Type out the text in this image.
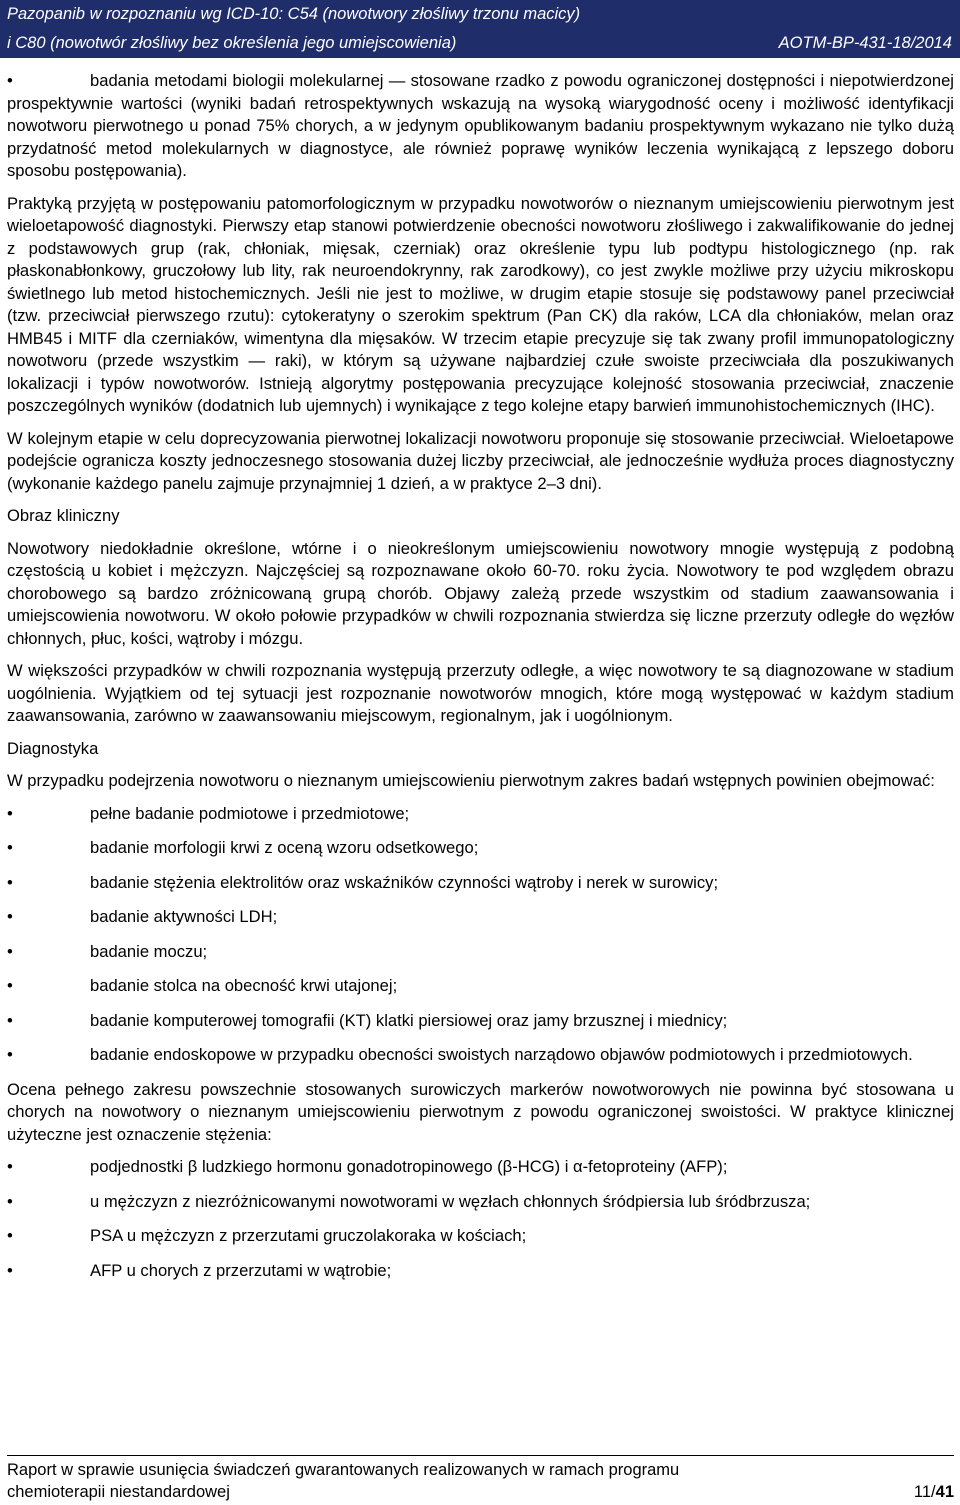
Pazopanib w rozpoznaniu wg ICD-10: C54 (nowotwory złośliwy trzonu macicy)
i C80 (nowotwór złośliwy bez określenia jego umiejscowienia)	AOTM-BP-431-18/2014
•	badania metodami biologii molekularnej — stosowane rzadko z powodu ograniczonej dostępności i niepotwierdzonej prospektywnie wartości (wyniki badań retrospektywnych wskazują na wysoką wiarygodność oceny i możliwość identyfikacji nowotworu pierwotnego u ponad 75% chorych, a w jedynym opublikowanym badaniu prospektywnym wykazano nie tylko dużą przydatność metod molekularnych w diagnostyce, ale również poprawę wyników leczenia wynikającą z lepszego doboru sposobu postępowania).

Praktyką przyjętą w postępowaniu patomorfologicznym w przypadku nowotworów o nieznanym umiejscowieniu pierwotnym jest wieloetapowość diagnostyki. Pierwszy etap stanowi potwierdzenie obecności nowotworu złośliwego i zakwalifikowanie do jednej z podstawowych grup (rak, chłoniak, mięsak, czerniak) oraz określenie typu lub podtypu histologicznego (np. rak płaskonabłonkowy, gruczołowy lub lity, rak neuroendokrynny, rak zarodkowy), co jest zwykle możliwe przy użyciu mikroskopu świetlnego lub metod histochemicznych. Jeśli nie jest to możliwe, w drugim etapie stosuje się podstawowy panel przeciwciał (tzw. przeciwciał pierwszego rzutu): cytokeratyny o szerokim spektrum (Pan CK) dla raków, LCA dla chłoniaków, melan oraz HMB45 i MITF dla czerniaków, wimentyna dla mięsaków. W trzecim etapie precyzuje się tak zwany profil immunopatologiczny nowotworu (przede wszystkim — raki), w którym są używane najbardziej czułe swoiste przeciwciała dla poszukiwanych lokalizacji i typów nowotworów. Istnieją algorytmy postępowania precyzujące kolejność stosowania przeciwciał, znaczenie poszczególnych wyników (dodatnich lub ujemnych) i wynikające z tego kolejne etapy barwień immunohistochemicznych (IHC).

W kolejnym etapie w celu doprecyzowania pierwotnej lokalizacji nowotworu proponuje się stosowanie przeciwciał. Wieloetapowe podejście ogranicza koszty jednoczesnego stosowania dużej liczby przeciwciał, ale jednocześnie wydłuża proces diagnostyczny (wykonanie każdego panelu zajmuje przynajmniej 1 dzień, a w praktyce 2–3 dni).

Obraz kliniczny

Nowotwory niedokładnie określone, wtórne i o nieokreślonym umiejscowieniu nowotwory mnogie występują z podobną częstością u kobiet i mężczyzn. Najczęściej są rozpoznawane około 60-70. roku życia. Nowotwory te pod względem obrazu chorobowego są bardzo zróżnicowaną grupą chorób. Objawy zależą przede wszystkim od stadium zaawansowania i umiejscowienia nowotworu. W około połowie przypadków w chwili rozpoznania stwierdza się liczne przerzuty odległe do węzłów chłonnych, płuc, kości, wątroby i mózgu.

W większości przypadków w chwili rozpoznania występują przerzuty odległe, a więc nowotwory te są diagnozowane w stadium uogólnienia. Wyjątkiem od tej sytuacji jest rozpoznanie nowotworów mnogich, które mogą występować w każdym stadium zaawansowania, zarówno w zaawansowaniu miejscowym, regionalnym, jak i uogólnionym.

Diagnostyka

W przypadku podejrzenia nowotworu o nieznanym umiejscowieniu pierwotnym zakres badań wstępnych powinien obejmować:

•	pełne badanie podmiotowe i przedmiotowe;
•	badanie morfologii krwi z oceną wzoru odsetkowego;
•	badanie stężenia elektrolitów oraz wskaźników czynności wątroby i nerek w surowicy;
•	badanie aktywności LDH;
•	badanie moczu;
•	badanie stolca na obecność krwi utajonej;
•	badanie komputerowej tomografii (KT) klatki piersiowej oraz jamy brzusznej i miednicy;
•	badanie endoskopowe w przypadku obecności swoistych narządowo objawów podmiotowych i przedmiotowych.

Ocena pełnego zakresu powszechnie stosowanych surowiczych markerów nowotworowych nie powinna być stosowana u chorych na nowotwory o nieznanym umiejscowieniu pierwotnym z powodu ograniczonej swoistości. W praktyce klinicznej użyteczne jest oznaczenie stężenia:

•	podjednostki β ludzkiego hormonu gonadotropinowego (β-HCG) i α-fetoproteiny (AFP);
•	u mężczyzn z niezróżnicowanymi nowotworami w węzłach chłonnych śródpiersia lub śródbrzusza;
•	PSA u mężczyzn z przerzutami gruczolakoraka w kościach;
•	AFP u chorych z przerzutami w wątrobie;
Raport w sprawie usunięcia świadczeń gwarantowanych realizowanych w ramach programu
chemioterapii niestandardowej	11/41
